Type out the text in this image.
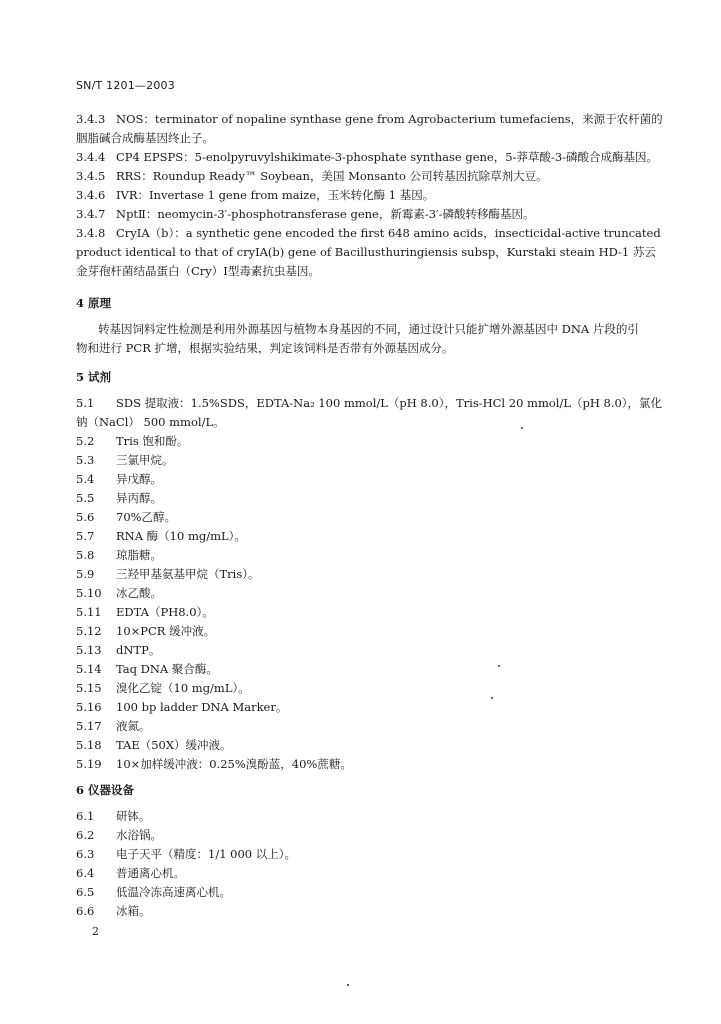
SN/T 1201—2003
3.4.3 NOS：terminator of nopaline synthase gene from Agrobacterium tumefaciens，来源于农杆菌的
胭脂碱合成酶基因终止子。
3.4.4 CP4 EPSPS：5-enolpyruvylshikimate-3-phosphate synthase gene，5-莽草酸-3-磷酸合成酶基因。
3.4.5 RRS：Roundup Ready™ Soybean，美国 Monsanto 公司转基因抗除草剂大豆。
3.4.6 IVR：Invertase 1 gene from maize，玉米转化酶 1 基因。
3.4.7 NptⅡ：neomycin-3′-phosphotransferase gene，新霉素-3′-磷酸转移酶基因。
3.4.8 CryIA（b）：a synthetic gene encoded the first 648 amino acids，insecticidal-active truncated
product identical to that of cryIA(b) gene of Bacillusthuringiensis subsp，Kurstaki steain HD-1 苏云
金芽孢杆菌结晶蛋白（Cry）Ⅰ型毒素抗虫基因。
4 原理
转基因饲料定性检测是利用外源基因与植物本身基因的不同，通过设计只能扩增外源基因中 DNA 片段的引物和进行 PCR 扩增，根据实验结果，判定该饲料是否带有外源基因成分。
5 试剂
5.1 SDS 提取液：1.5%SDS，EDTA-Na₂ 100 mmol/L（pH 8.0），Tris-HCl 20 mmol/L（pH 8.0），氯化
钠（NaCl） 500 mmol/L。
5.2 Tris 饱和酚。
5.3 三氯甲烷。
5.4 异戊醇。
5.5 异丙醇。
5.6 70%乙醇。
5.7 RNA 酶（10 mg/mL）。
5.8 琼脂糖。
5.9 三羟甲基氨基甲烷（Tris）。
5.10 冰乙酸。
5.11 EDTA（PH8.0）。
5.12 10×PCR 缓冲液。
5.13 dNTP。
5.14 Taq DNA 聚合酶。
5.15 溴化乙锭（10 mg/mL）。
5.16 100 bp ladder DNA Marker。
5.17 液氮。
5.18 TAE（50X）缓冲液。
5.19 10×加样缓冲液：0.25%溴酚蓝，40%蔗糖。
6 仪器设备
6.1 研钵。
6.2 水浴锅。
6.3 电子天平（精度：1/1 000 以上）。
6.4 普通离心机。
6.5 低温冷冻高速离心机。
6.6 冰箱。
2
